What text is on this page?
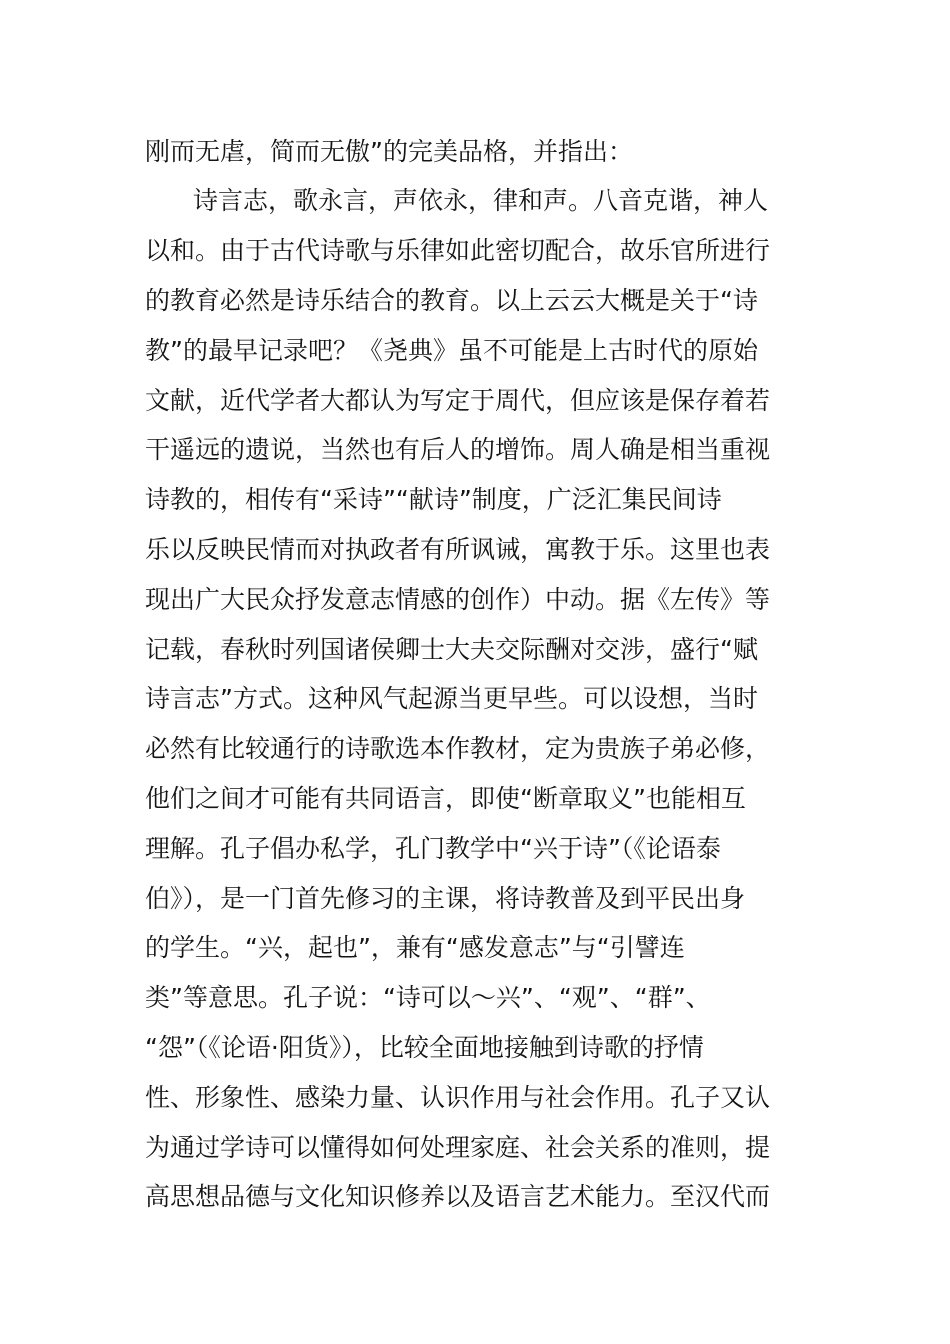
刚而无虐，简而无傲”的完美品格，并指出：
诗言志，歌永言，声依永，律和声。八音克谐，神人
以和。由于古代诗歌与乐律如此密切配合，故乐官所进行
的教育必然是诗乐结合的教育。以上云云大概是关于“诗
教”的最早记录吧？《尧典》虽不可能是上古时代的原始
文献，近代学者大都认为写定于周代，但应该是保存着若
干遥远的遗说，当然也有后人的增饰。周人确是相当重视
诗教的，相传有“采诗”“献诗”制度，广泛汇集民间诗
乐以反映民情而对执政者有所讽诫，寓教于乐。这里也表
现出广大民众抒发意志情感的创作）中动。据《左传》等
记载，春秋时列国诸侯卿士大夫交际酬对交涉，盛行“赋
诗言志”方式。这种风气起源当更早些。可以设想，当时
必然有比较通行的诗歌选本作教材，定为贵族子弟必修，
他们之间才可能有共同语言，即使“断章取义”也能相互
理解。孔子倡办私学，孔门教学中“兴于诗”（《论语泰
伯》），是一门首先修习的主课，将诗教普及到平民出身
的学生。“兴，起也”，兼有“感发意志”与“引譬连
类”等意思。孔子说：“诗可以～兴”、“观”、“群”、
“怨”（《论语·阳货》），比较全面地接触到诗歌的抒情
性、形象性、感染力量、认识作用与社会作用。孔子又认
为通过学诗可以懂得如何处理家庭、社会关系的准则，提
高思想品德与文化知识修养以及语言艺术能力。至汉代而
